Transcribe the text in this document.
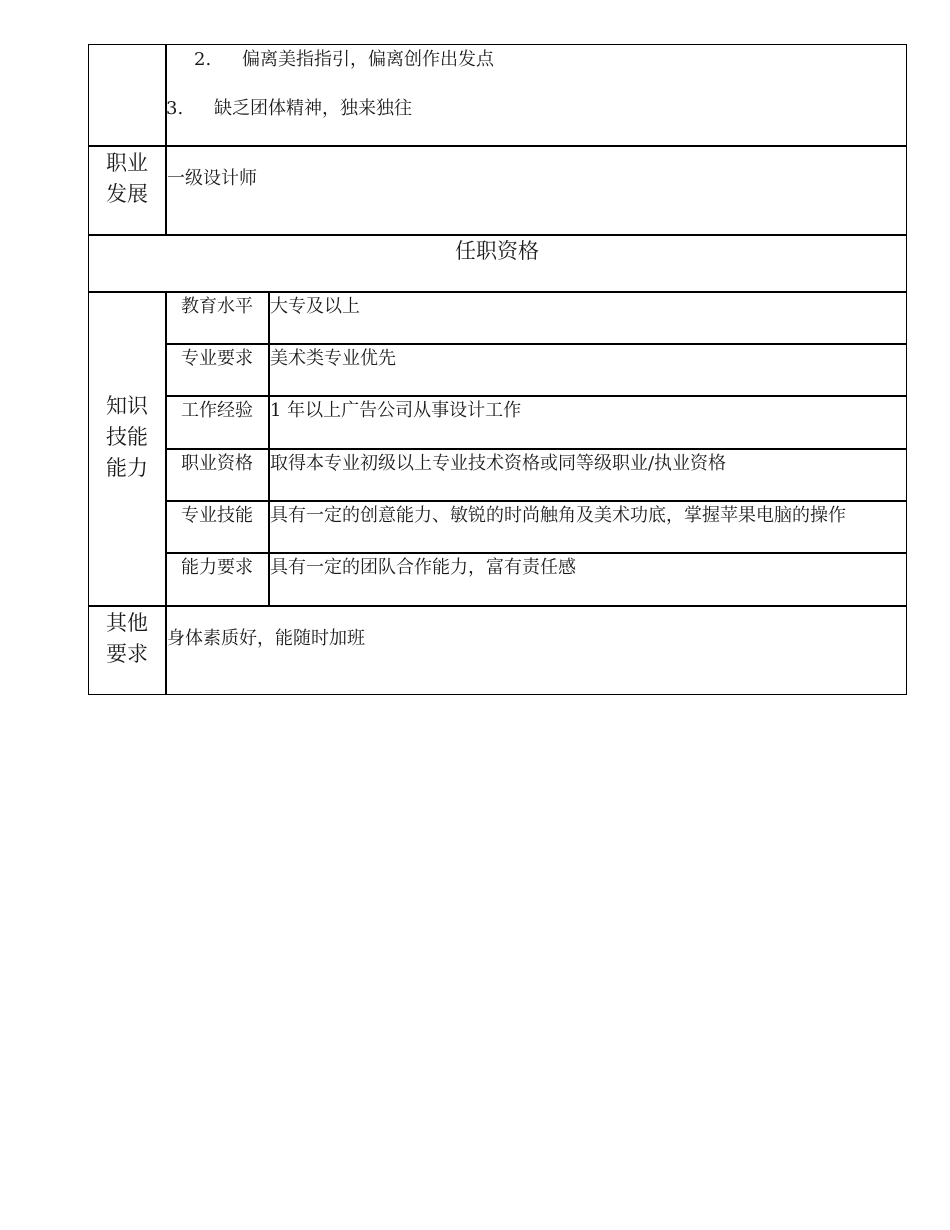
2. 偏离美指指引，偏离创作出发点
3. 缺乏团体精神，独来独往
职业
发展
一级设计师
任职资格
知识
技能
能力
教育水平 大专及以上
专业要求 美术类专业优先
工作经验 1 年以上广告公司从事设计工作
职业资格 取得本专业初级以上专业技术资格或同等级职业/执业资格
专业技能 具有一定的创意能力、敏锐的时尚触角及美术功底，掌握苹果电脑的操作
能力要求 具有一定的团队合作能力，富有责任感
其他
要求
身体素质好，能随时加班
